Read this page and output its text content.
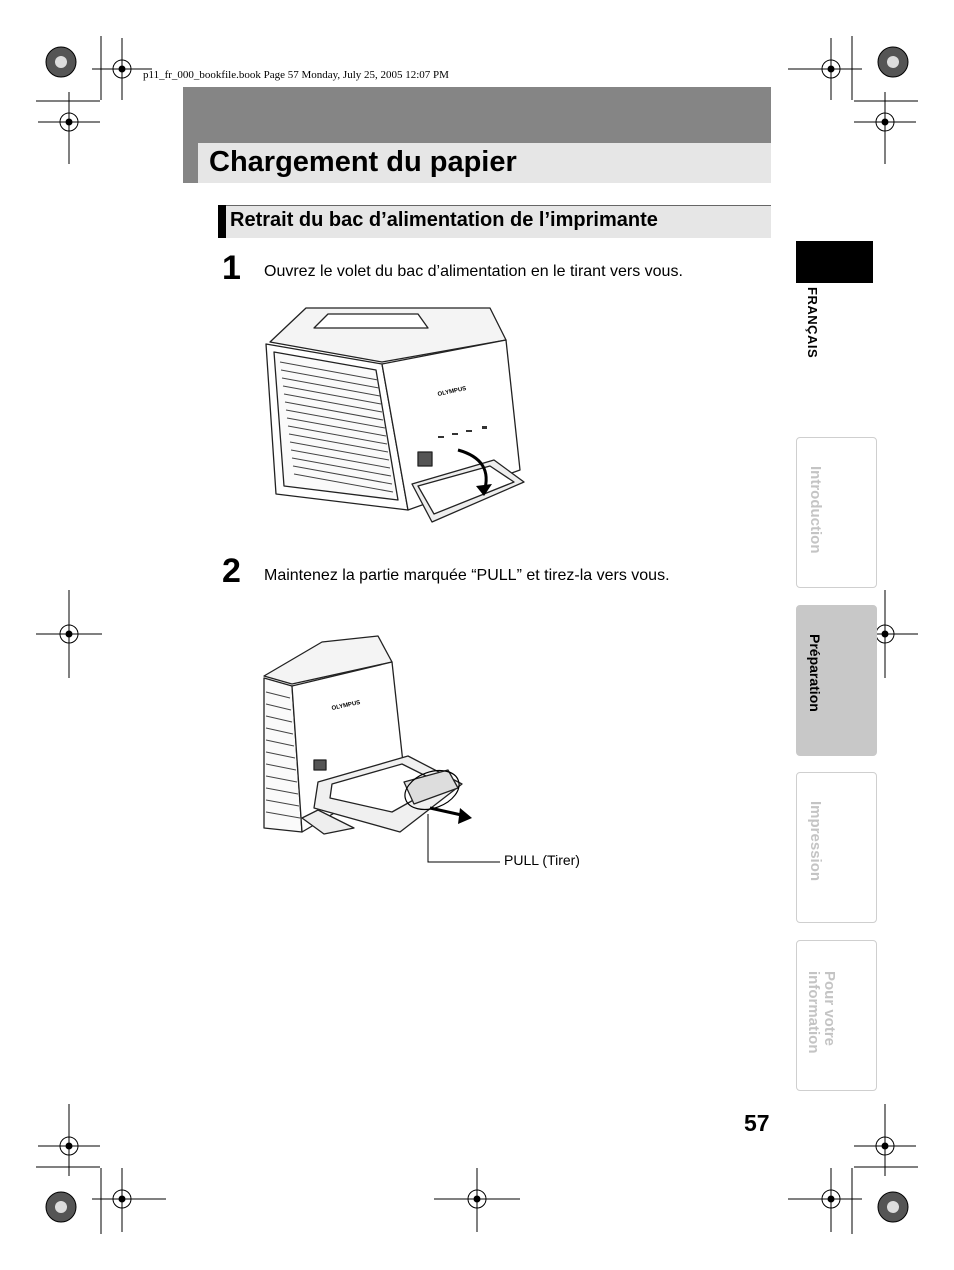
p11_fr_000_bookfile.book Page 57 Monday, July 25, 2005 12:07 PM
Chargement du papier
Retrait du bac d’alimentation de l’imprimante
1 Ouvrez le volet du bac d’alimentation en le tirant vers vous.
OLYMPUS
2 Maintenez la partie marquée “PULL” et tirez-la vers vous.
OLYMPUS
PULL (Tirer)
FRANÇAIS
Introduction
Préparation
Impression
Pour votre
information
57
